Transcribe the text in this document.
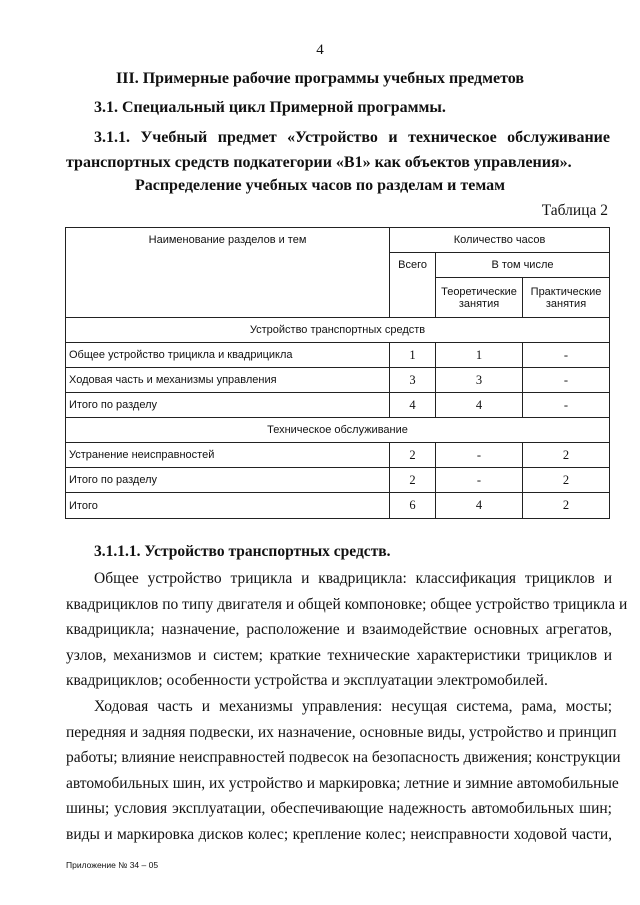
4
III. Примерные рабочие программы учебных предметов
3.1. Специальный цикл Примерной программы.
3.1.1. Учебный предмет «Устройство и техническое обслуживание
транспортных средств подкатегории «B1» как объектов управления».
Распределение учебных часов по разделам и темам
Таблица 2
Наименование разделов и тем	Количество часов		
	Всего	В том числе	
		Теоретические занятия	Практические занятия
Устройство транспортных средств			
Общее устройство трицикла и квадрицикла	1	1	-
Ходовая часть и механизмы управления	3	3	-
Итого по разделу	4	4	-
Техническое обслуживание			
Устранение неисправностей	2	-	2
Итого по разделу	2	-	2
Итого	6	4	2
3.1.1.1. Устройство транспортных средств.
Общее устройство трицикла и квадрицикла: классификация трициклов и
квадрициклов по типу двигателя и общей компоновке; общее устройство трицикла и
квадрицикла; назначение, расположение и взаимодействие основных агрегатов,
узлов, механизмов и систем; краткие технические характеристики трициклов и
квадрициклов; особенности устройства и эксплуатации электромобилей.
Ходовая часть и механизмы управления: несущая система, рама, мосты;
передняя и задняя подвески, их назначение, основные виды, устройство и принцип
работы; влияние неисправностей подвесок на безопасность движения; конструкции
автомобильных шин, их устройство и маркировка; летние и зимние автомобильные
шины; условия эксплуатации, обеспечивающие надежность автомобильных шин;
виды и маркировка дисков колес; крепление колес; неисправности ходовой части,
Приложение № 34 – 05
